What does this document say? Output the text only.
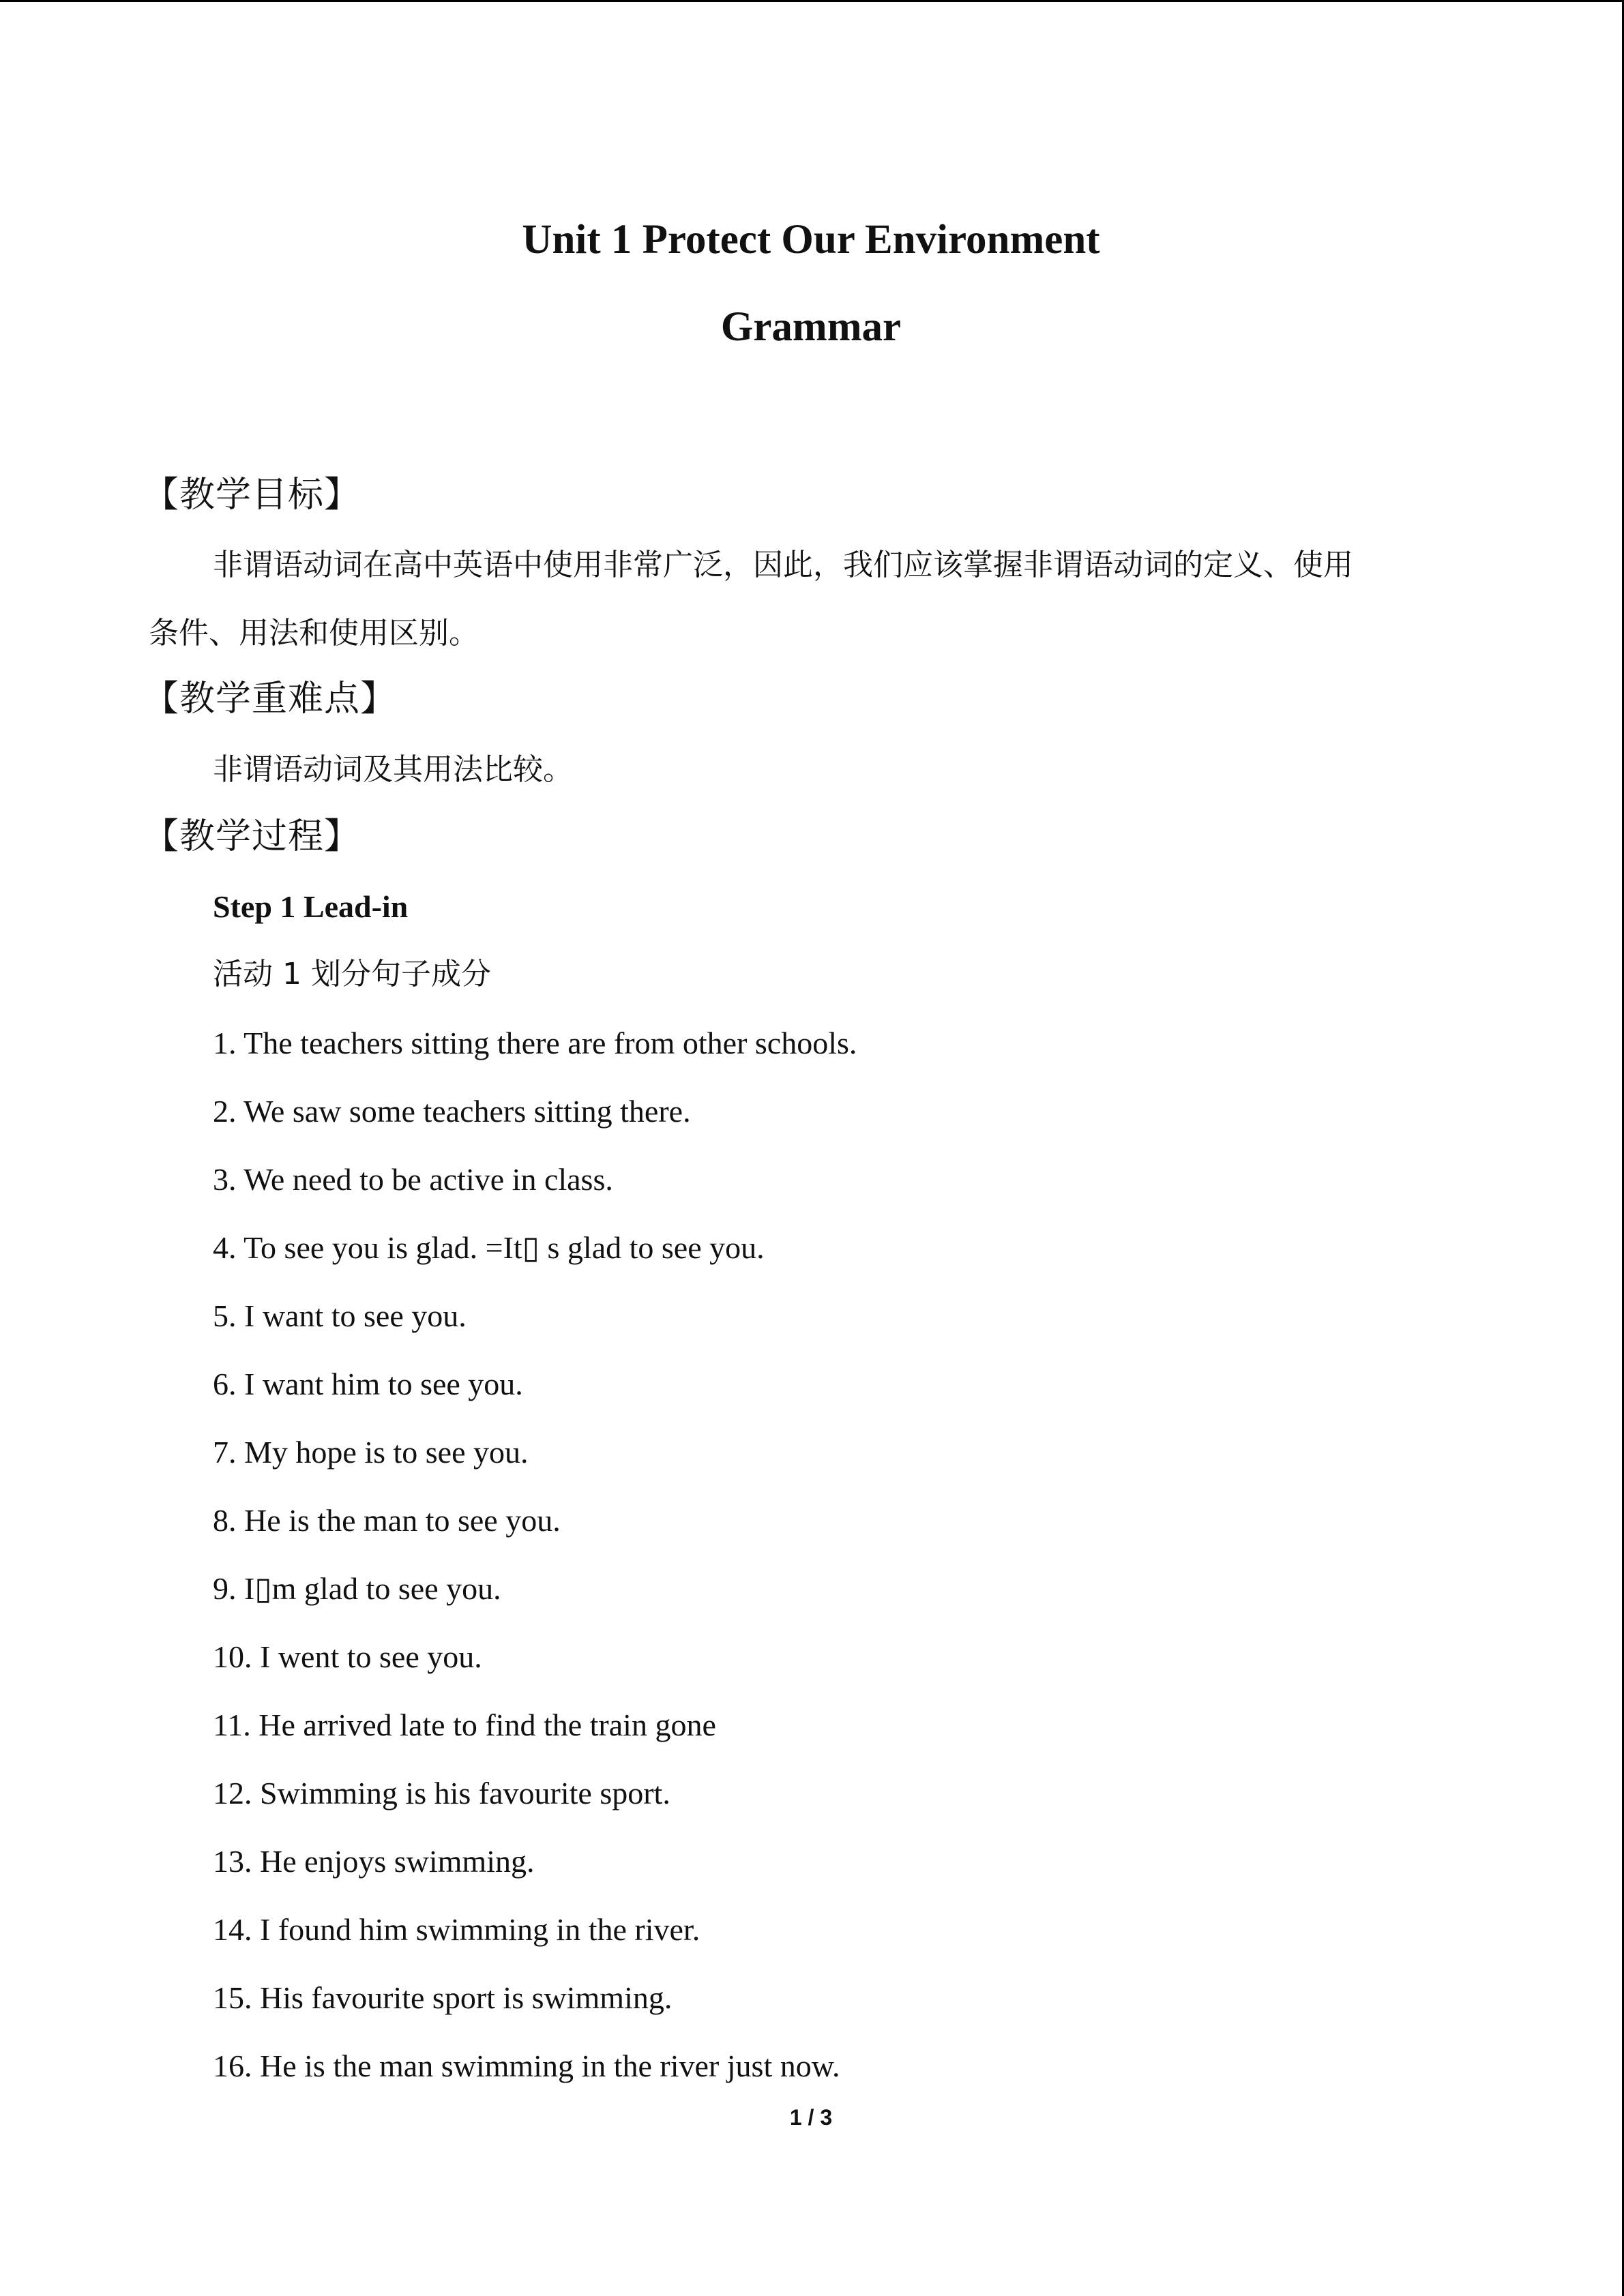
Unit 1 Protect Our Environment
Grammar
【教学目标】
非谓语动词在高中英语中使用非常广泛，因此，我们应该掌握非谓语动词的定义、使用
条件、用法和使用区别。
【教学重难点】
非谓语动词及其用法比较。
【教学过程】
Step 1 Lead-in
活动 1 划分句子成分
1. The teachers sitting there are from other schools.
2. We saw some teachers sitting there.
3. We need to be active in class.
4. To see you is glad. =It▯ s glad to see you.
5. I want to see you.
6. I want him to see you.
7. My hope is to see you.
8. He is the man to see you.
9. I▯m glad to see you.
10. I went to see you.
11. He arrived late to find the train gone
12. Swimming is his favourite sport.
13. He enjoys swimming.
14. I found him swimming in the river.
15. His favourite sport is swimming.
16. He is the man swimming in the river just now.
1 / 3
